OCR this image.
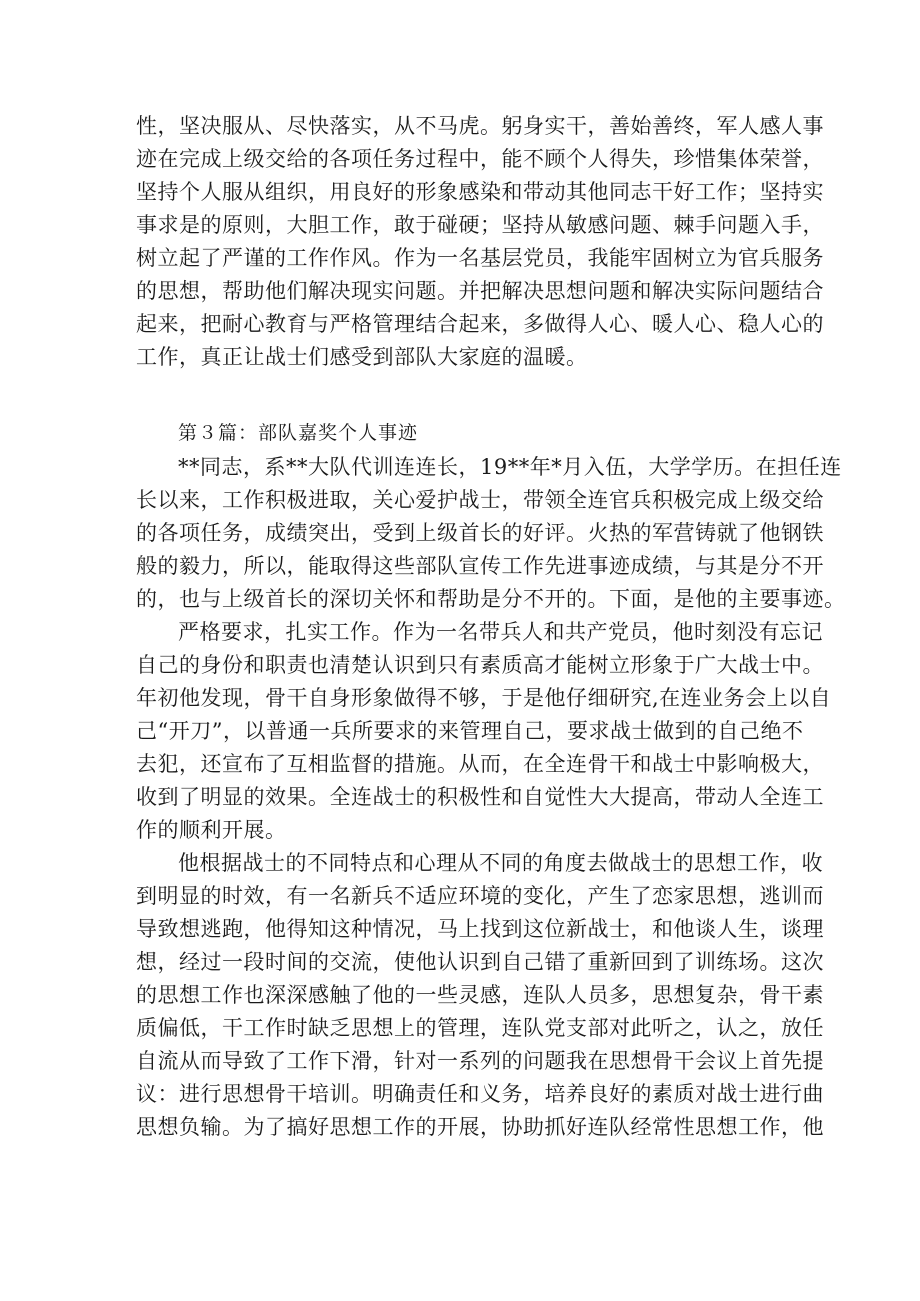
性，坚决服从、尽快落实，从不马虎。躬身实干，善始善终，军人感人事
迹在完成上级交给的各项任务过程中，能不顾个人得失，珍惜集体荣誉，
坚持个人服从组织，用良好的形象感染和带动其他同志干好工作；坚持实
事求是的原则，大胆工作，敢于碰硬；坚持从敏感问题、棘手问题入手，
树立起了严谨的工作作风。作为一名基层党员，我能牢固树立为官兵服务
的思想，帮助他们解决现实问题。并把解决思想问题和解决实际问题结合
起来，把耐心教育与严格管理结合起来，多做得人心、暖人心、稳人心的
工作，真正让战士们感受到部队大家庭的温暖。
第３篇：部队嘉奖个人事迹
**同志，系**大队代训连连长，19**年*月入伍，大学学历。在担任连
长以来，工作积极进取，关心爱护战士，带领全连官兵积极完成上级交给
的各项任务，成绩突出，受到上级首长的好评。火热的军营铸就了他钢铁
般的毅力，所以，能取得这些部队宣传工作先进事迹成绩，与其是分不开
的，也与上级首长的深切关怀和帮助是分不开的。下面，是他的主要事迹。
严格要求，扎实工作。作为一名带兵人和共产党员，他时刻没有忘记
自己的身份和职责也清楚认识到只有素质高才能树立形象于广大战士中。
年初他发现，骨干自身形象做得不够，于是他仔细研究,在连业务会上以自
己“开刀”，以普通一兵所要求的来管理自己，要求战士做到的自己绝不
去犯，还宣布了互相监督的措施。从而，在全连骨干和战士中影响极大，
收到了明显的效果。全连战士的积极性和自觉性大大提高，带动人全连工
作的顺利开展。
他根据战士的不同特点和心理从不同的角度去做战士的思想工作，收
到明显的时效，有一名新兵不适应环境的变化，产生了恋家思想，逃训而
导致想逃跑，他得知这种情况，马上找到这位新战士，和他谈人生，谈理
想，经过一段时间的交流，使他认识到自己错了重新回到了训练场。这次
的思想工作也深深感触了他的一些灵感，连队人员多，思想复杂，骨干素
质偏低，干工作时缺乏思想上的管理，连队党支部对此听之，认之，放任
自流从而导致了工作下滑，针对一系列的问题我在思想骨干会议上首先提
议：进行思想骨干培训。明确责任和义务，培养良好的素质对战士进行曲
思想负输。为了搞好思想工作的开展，协助抓好连队经常性思想工作，他
